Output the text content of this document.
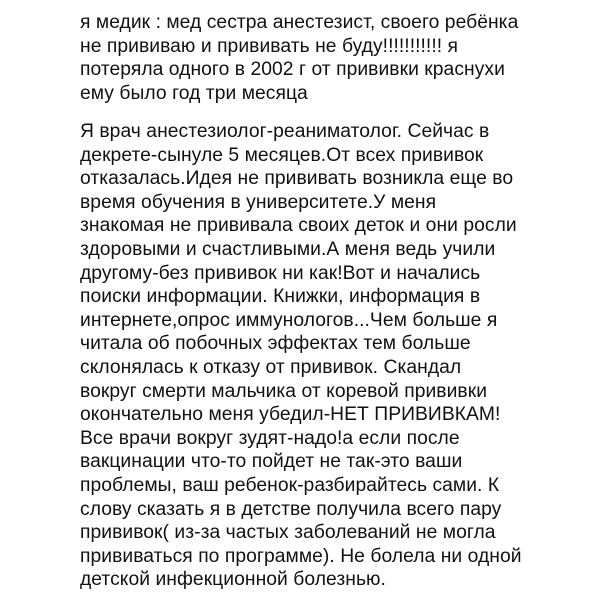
я медик : мед сестра анестезист, своего ребёнка
не прививаю и прививать не буду!!!!!!!!!!! я
потеряла одного в 2002 г от прививки краснухи
ему было год три месяца
Я врач анестезиолог-реаниматолог. Сейчас в
декрете-сынуле 5 месяцев.От всех прививок
отказалась.Идея не прививать возникла еще во
время обучения в университете.У меня
знакомая не прививала своих деток и они росли
здоровыми и счастливыми.А меня ведь учили
другому-без прививок ни как!Вот и начались
поиски информации. Книжки, информация в
интернете,опрос иммунологов...Чем больше я
читала об побочных эффектах тем больше
склонялась к отказу от прививок. Скандал
вокруг смерти мальчика от коревой прививки
окончательно меня убедил-НЕТ ПРИВИВКАМ!
Все врачи вокруг зудят-надо!а если после
вакцинации что-то пойдет не так-это ваши
проблемы, ваш ребенок-разбирайтесь сами. К
слову сказать я в детстве получила всего пару
прививок( из-за частых заболеваний не могла
прививаться по программе). Не болела ни одной
детской инфекционной болезнью.
